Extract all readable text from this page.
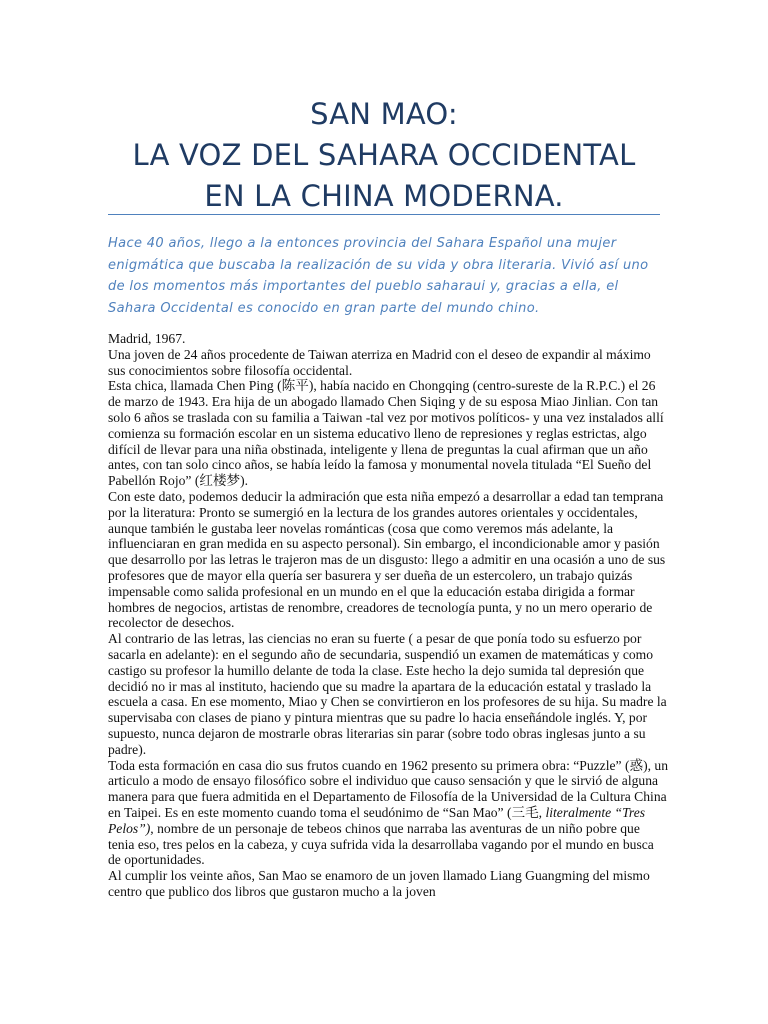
SAN MAO:
LA VOZ DEL SAHARA OCCIDENTAL
EN LA CHINA MODERNA.

Hace 40 años, llego a la entonces provincia del Sahara Español una mujer enigmática que buscaba la realización de su vida y obra literaria. Vivió así uno de los momentos más importantes del pueblo saharaui y, gracias a ella, el Sahara Occidental es conocido en gran parte del mundo chino.

Madrid, 1967.

Una joven de 24 años procedente de Taiwan aterriza en Madrid con el deseo de expandir al máximo sus conocimientos sobre filosofía occidental.

Esta chica, llamada Chen Ping (陈平), había nacido en Chongqing (centro-sureste de la R.P.C.) el 26 de marzo de 1943. Era hija de un abogado llamado Chen Siqing y de su esposa Miao Jinlian. Con tan solo 6 años se traslada con su familia a Taiwan -tal vez por motivos políticos- y una vez instalados allí comienza su formación escolar en un sistema educativo lleno de represiones y reglas estrictas, algo difícil de llevar para una niña obstinada, inteligente y llena de preguntas la cual afirman que un año antes, con tan solo cinco años, se había leído la famosa y monumental novela titulada “El Sueño del Pabellón Rojo” (红楼梦).

Con este dato, podemos deducir la admiración que esta niña empezó a desarrollar a edad tan temprana por la literatura: Pronto se sumergió en la lectura de los grandes autores orientales y occidentales, aunque también le gustaba leer novelas románticas (cosa que como veremos más adelante, la influenciaran en gran medida en su aspecto personal). Sin embargo, el incondicionable amor y pasión que desarrollo por las letras le trajeron mas de un disgusto: llego a admitir en una ocasión a uno de sus profesores que de mayor ella quería ser basurera y ser dueña de un estercolero, un trabajo quizás impensable como salida profesional en un mundo en el que la educación estaba dirigida a formar hombres de negocios, artistas de renombre, creadores de tecnología punta, y no un mero operario de recolector de desechos.

Al contrario de las letras, las ciencias no eran su fuerte ( a pesar de que ponía todo su esfuerzo por sacarla en adelante): en el segundo año de secundaria, suspendió un examen de matemáticas y como castigo su profesor la humillo delante de toda la clase. Este hecho la dejo sumida tal depresión que decidió no ir mas al instituto, haciendo que su madre la apartara de la educación estatal y traslado la escuela a casa. En ese momento, Miao y Chen se convirtieron en los profesores de su hija. Su madre la supervisaba con clases de piano y pintura mientras que su padre lo hacia enseñándole inglés. Y, por supuesto, nunca dejaron de mostrarle obras literarias sin parar (sobre todo obras inglesas junto a su padre).

Toda esta formación en casa dio sus frutos cuando en 1962 presento su primera obra: “Puzzle” (惑), un articulo a modo de ensayo filosófico sobre el individuo que causo sensación y que le sirvió de alguna manera para que fuera admitida en el Departamento de Filosofía de la Universidad de la Cultura China en Taipei. Es en este momento cuando toma el seudónimo de “San Mao” (三毛, literalmente “Tres Pelos”), nombre de un personaje de tebeos chinos que narraba las aventuras de un niño pobre que tenia eso, tres pelos en la cabeza, y cuya sufrida vida la desarrollaba vagando por el mundo en busca de oportunidades.

Al cumplir los veinte años, San Mao se enamoro de un joven llamado Liang Guangming del mismo centro que publico dos libros que gustaron mucho a la joven
